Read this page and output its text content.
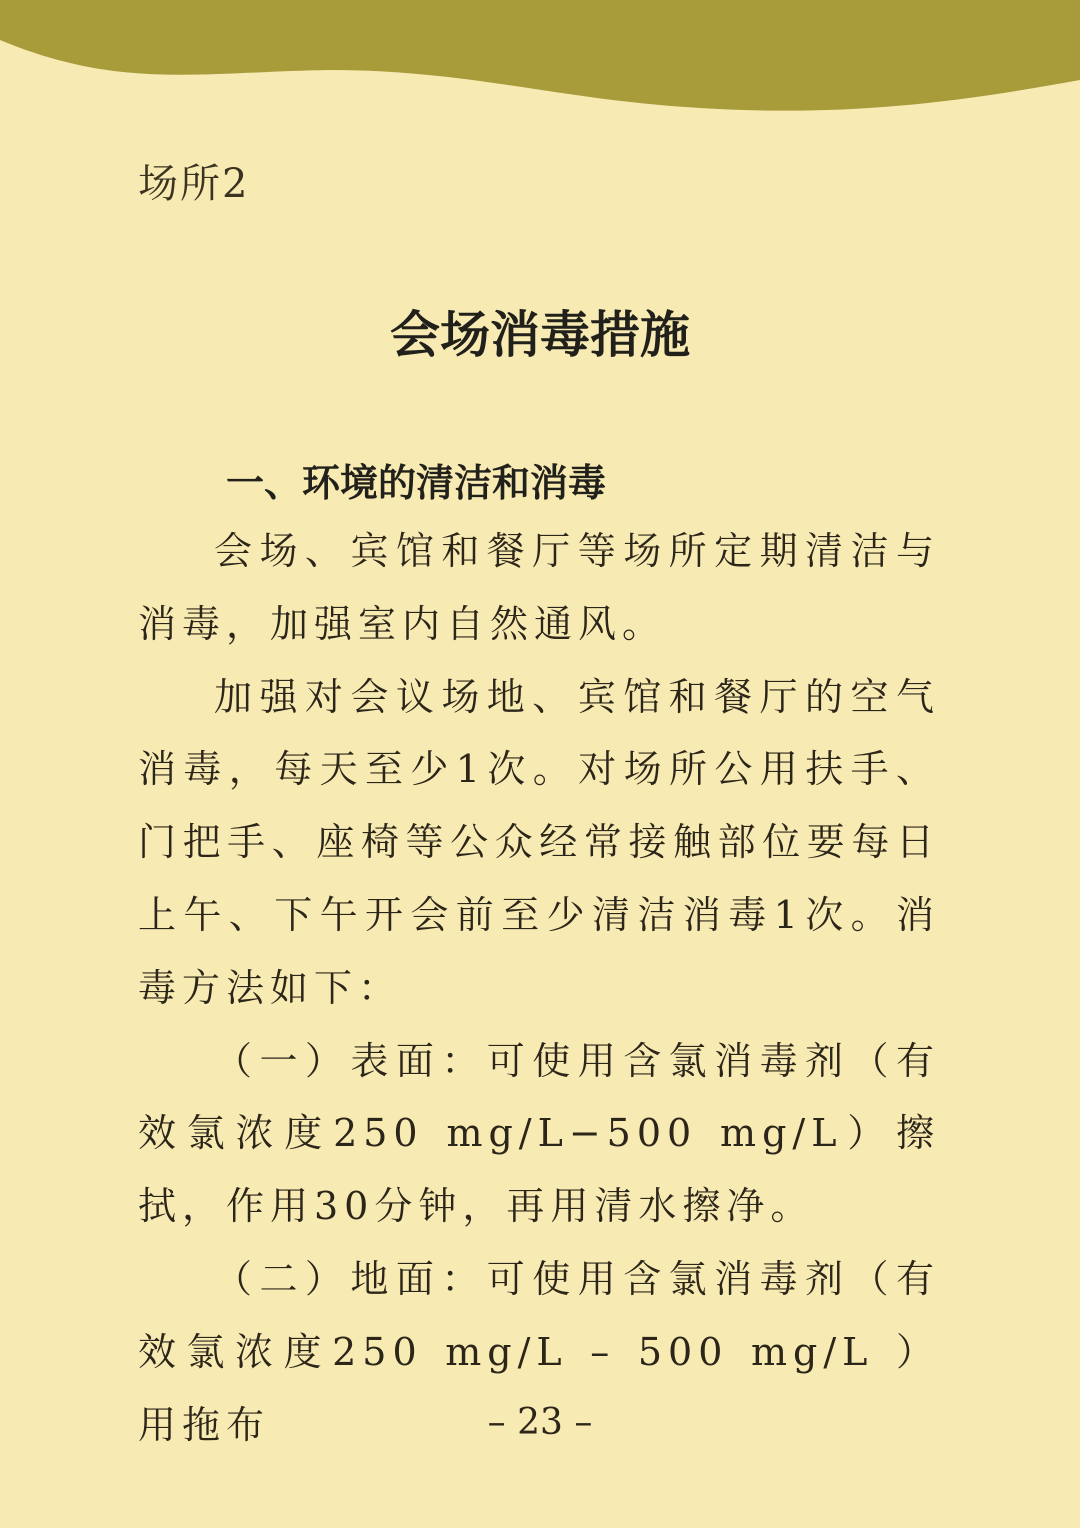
场所2
会场消毒措施
一、环境的清洁和消毒

会场、宾馆和餐厅等场所定期清洁与消毒，加强室内自然通风。

加强对会议场地、宾馆和餐厅的空气消毒，每天至少1次。对场所公用扶手、门把手、座椅等公众经常接触部位要每日上午、下午开会前至少清洁消毒1次。消毒方法如下：

（一）表面：可使用含氯消毒剂（有效氯浓度250 mg/L−500 mg/L）擦拭，作用30分钟，再用清水擦净。

（二）地面：可使用含氯消毒剂（有效氯浓度250 mg/L – 500 mg/L ）用拖布	– 23 –
